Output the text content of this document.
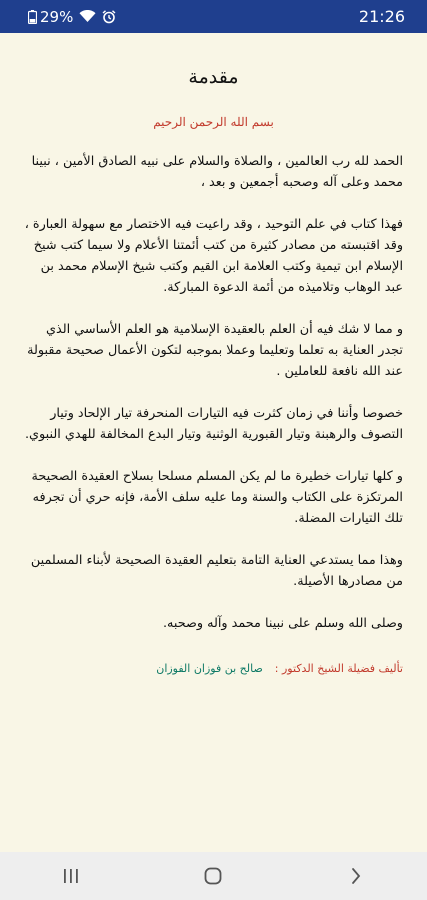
29%	21:26
مقدمة
بسم الله الرحمن الرحيم

الحمد لله رب العالمين ، والصلاة والسلام على نبيه الصادق الأمين ، نبينا محمد وعلى آله وصحبه أجمعين و بعد ،

فهذا كتاب في علم التوحيد ، وقد راعيت فيه الاختصار مع سهولة العبارة ، وقد اقتبسته من مصادر كثيرة من كتب أئمتنا الأعلام ولا سيما كتب شيخ الإسلام ابن تيمية وكتب العلامة ابن القيم وكتب شيخ الإسلام محمد بن عبد الوهاب وتلاميذه من أئمة الدعوة المباركة.

و مما لا شك فيه أن العلم بالعقيدة الإسلامية هو العلم الأساسي الذي تجدر العناية به تعلما وتعليما وعملا بموجبه لتكون الأعمال صحيحة مقبولة عند الله نافعة للعاملين .

خصوصا وأننا في زمان كثرت فيه التيارات المنحرفة تيار الإلحاد وتيار التصوف والرهبنة وتيار القبورية الوثنية وتيار البدع المخالفة للهدي النبوي.

و كلها تيارات خطيرة ما لم يكن المسلم مسلحا بسلاح العقيدة الصحيحة المرتكزة على الكتاب والسنة وما عليه سلف الأمة، فإنه حري أن تجرفه تلك التيارات المضلة.

وهذا مما يستدعي العناية التامة بتعليم العقيدة الصحيحة لأبناء المسلمين من مصادرها الأصيلة.

وصلى الله وسلم على نبينا محمد وآله وصحبه.

تأليف فضيلة الشيخ الدكتور :
صالح بن فوزان الفوزان
